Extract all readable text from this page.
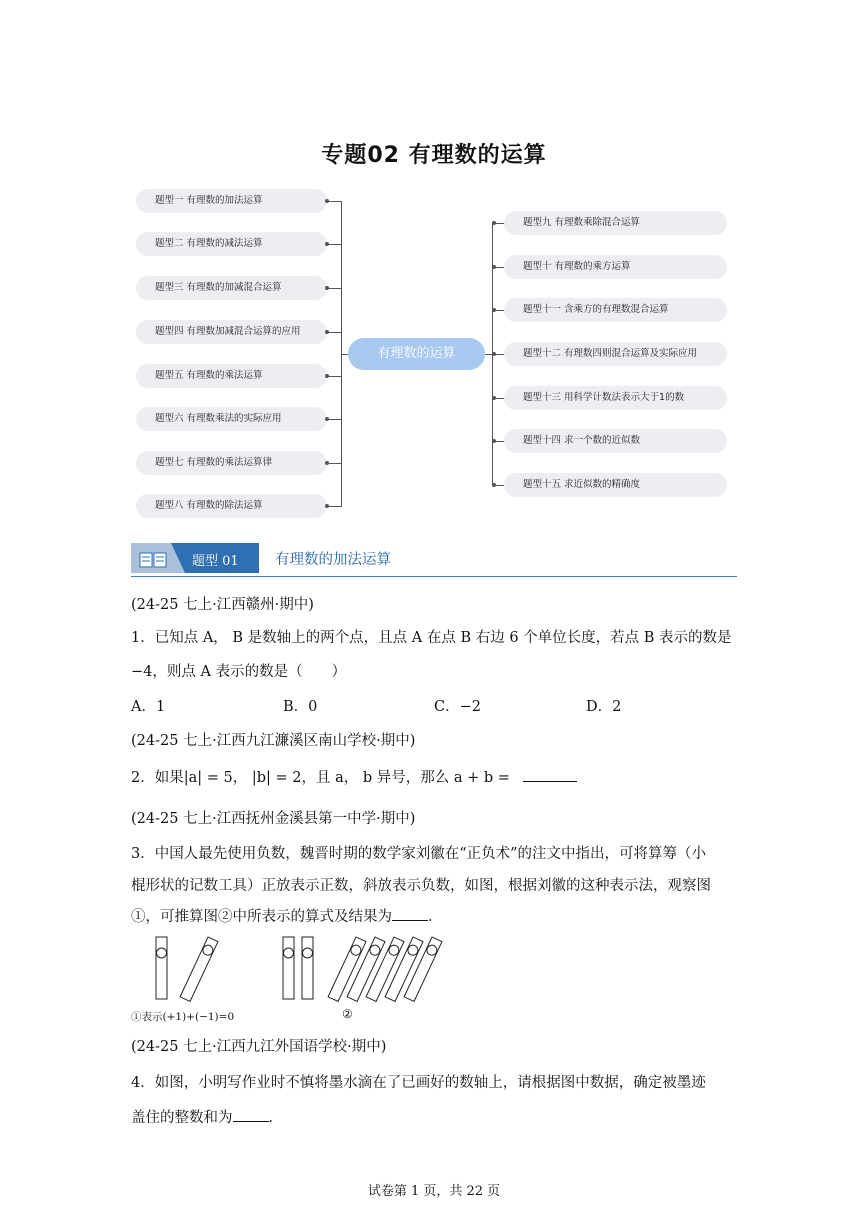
专题02 有理数的运算
题型一 有理数的加法运算
题型二 有理数的减法运算
题型三 有理数的加减混合运算
题型四 有理数加减混合运算的应用
题型五 有理数的乘法运算
题型六 有理数乘法的实际应用
题型七 有理数的乘法运算律
题型八 有理数的除法运算
有理数的运算
题型九 有理数乘除混合运算
题型十 有理数的乘方运算
题型十一 含乘方的有理数混合运算
题型十二 有理数四则混合运算及实际应用
题型十三 用科学计数法表示大于1的数
题型十四 求一个数的近似数
题型十五 求近似数的精确度
题型 01	有理数的加法运算
(24-25 七上·江西赣州·期中)
1．已知点 A， B 是数轴上的两个点，且点 A 在点 B 右边 6 个单位长度，若点 B 表示的数是
−4，则点 A 表示的数是（　　）
A．1	B．0	C．−2	D．2
(24-25 七上·江西九江濂溪区南山学校·期中)
2．如果|a| = 5， |b| = 2，且 a， b 异号，那么 a + b =
(24-25 七上·江西抚州金溪县第一中学·期中)
3．中国人最先使用负数，魏晋时期的数学家刘徽在“正负术”的注文中指出，可将算筹（小
棍形状的记数工具）正放表示正数，斜放表示负数，如图，根据刘徽的这种表示法，观察图
①，可推算图②中所表示的算式及结果为 ．
①表示(+1)+(−1)=0	②
(24-25 七上·江西九江外国语学校·期中)
4．如图，小明写作业时不慎将墨水滴在了已画好的数轴上，请根据图中数据，确定被墨迹
盖住的整数和为 ．
试卷第 1 页，共 22 页
